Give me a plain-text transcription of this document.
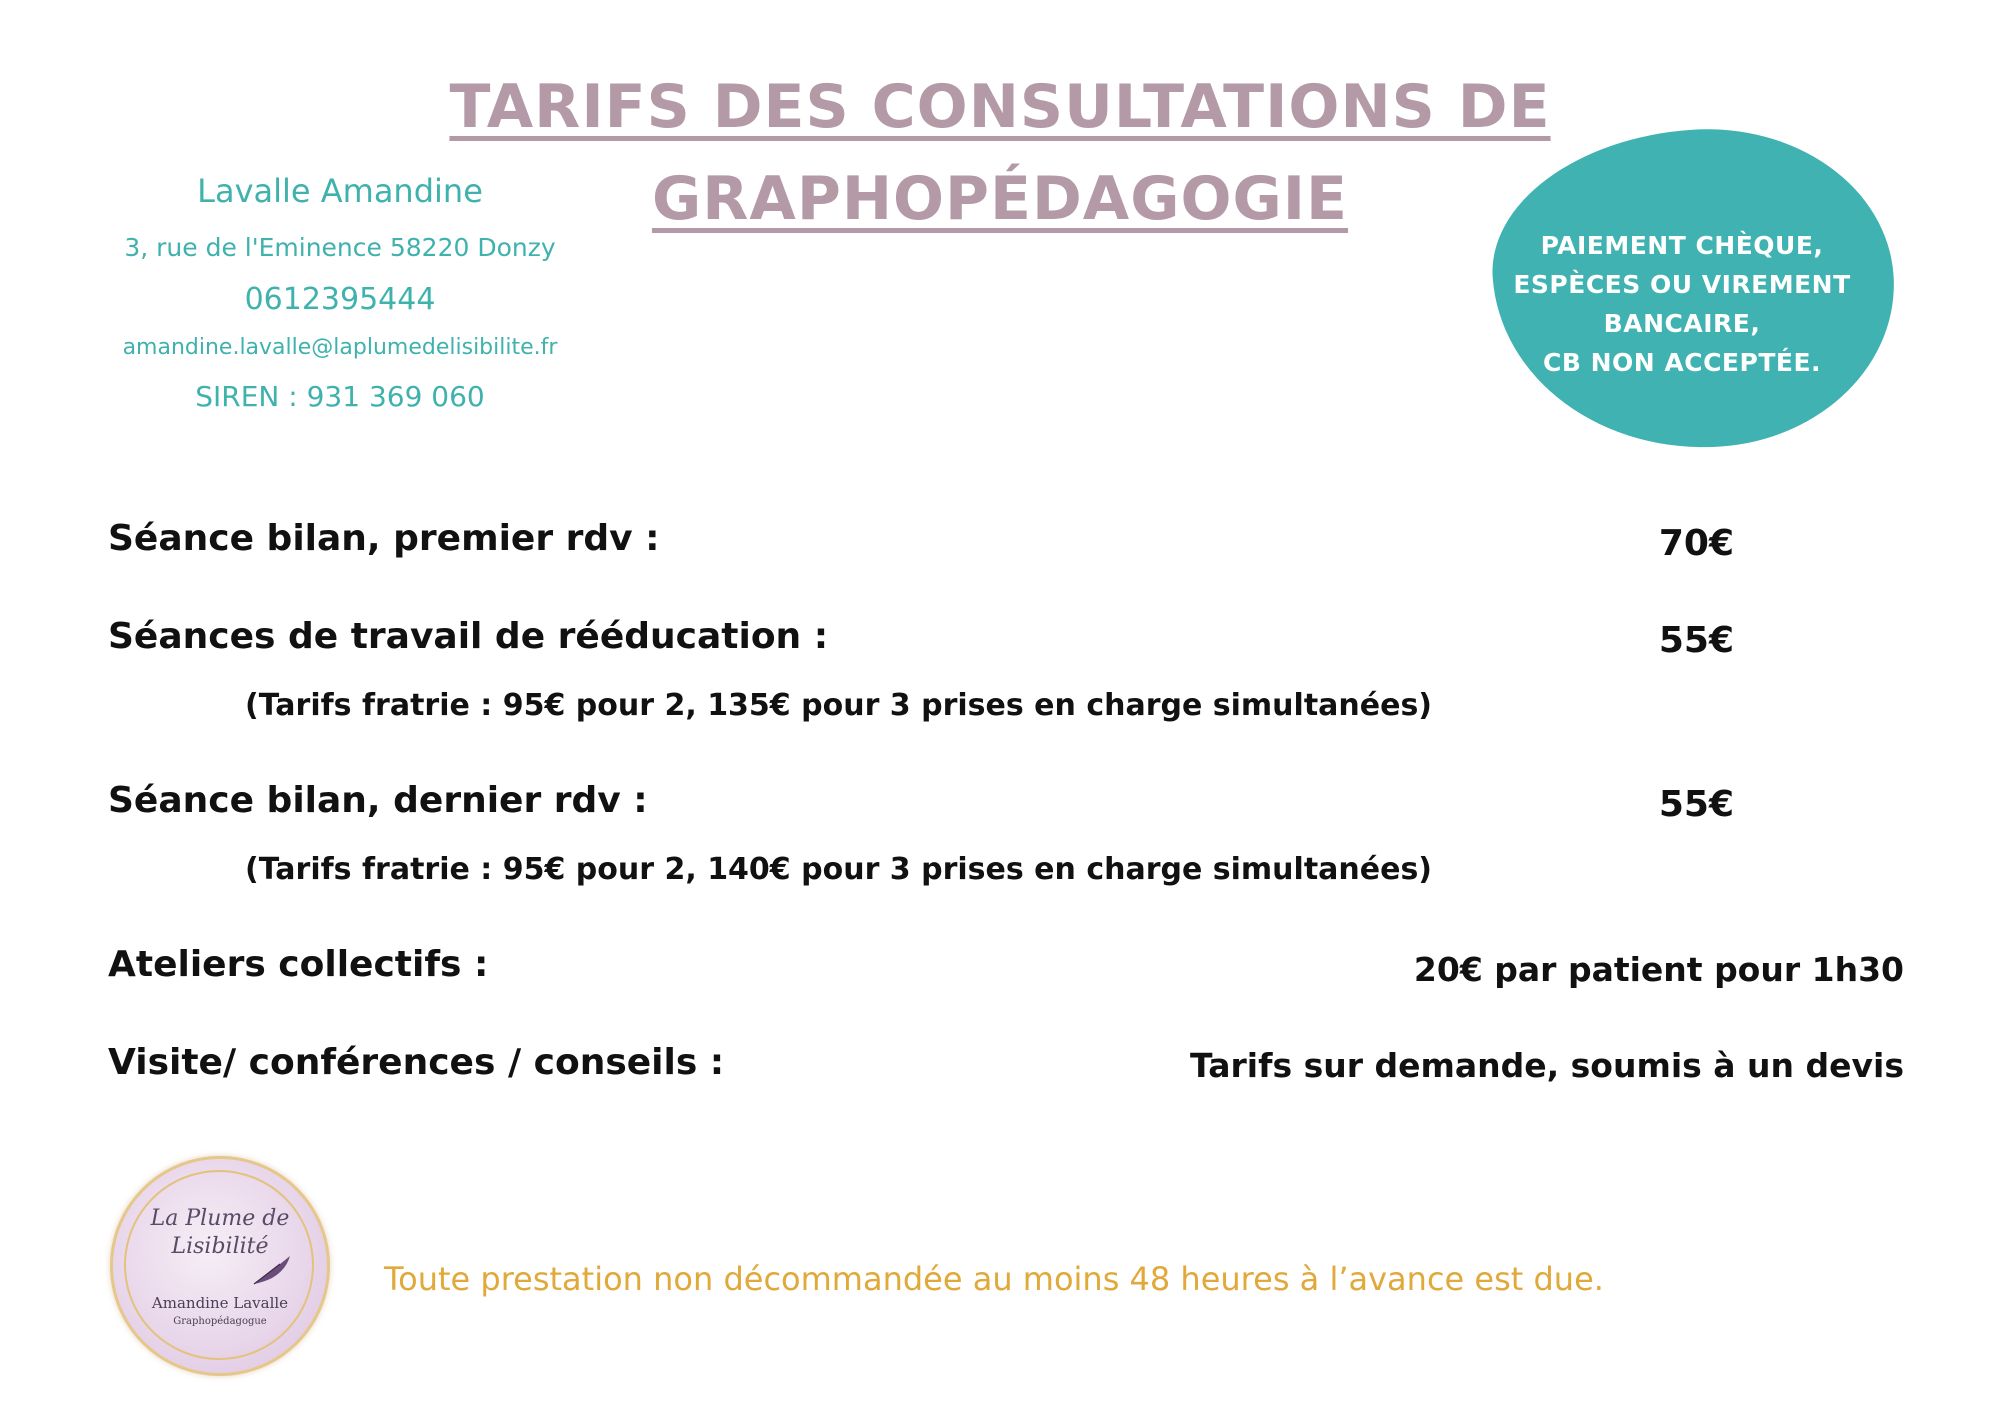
TARIFS DES CONSULTATIONS DE
GRAPHOPÉDAGOGIE
Lavalle Amandine
3, rue de l'Eminence 58220 Donzy
0612395444
amandine.lavalle@laplumedelisibilite.fr
SIREN : 931 369 060
PAIEMENT CHÈQUE,
ESPÈCES OU VIREMENT
BANCAIRE,
CB NON ACCEPTÉE.
Séance bilan, premier rdv :	70€
Séances de travail de rééducation :	55€
(Tarifs fratrie : 95€ pour 2, 135€ pour 3 prises en charge simultanées)
Séance bilan, dernier rdv :	55€
(Tarifs fratrie : 95€ pour 2, 140€ pour 3 prises en charge simultanées)
Ateliers collectifs :	20€ par patient pour 1h30
Visite/ conférences / conseils :	Tarifs sur demande, soumis à un devis
La Plume de
Lisibilité
Amandine Lavalle
Graphopédagogue
Toute prestation non décommandée au moins 48 heures à l’avance est due.
